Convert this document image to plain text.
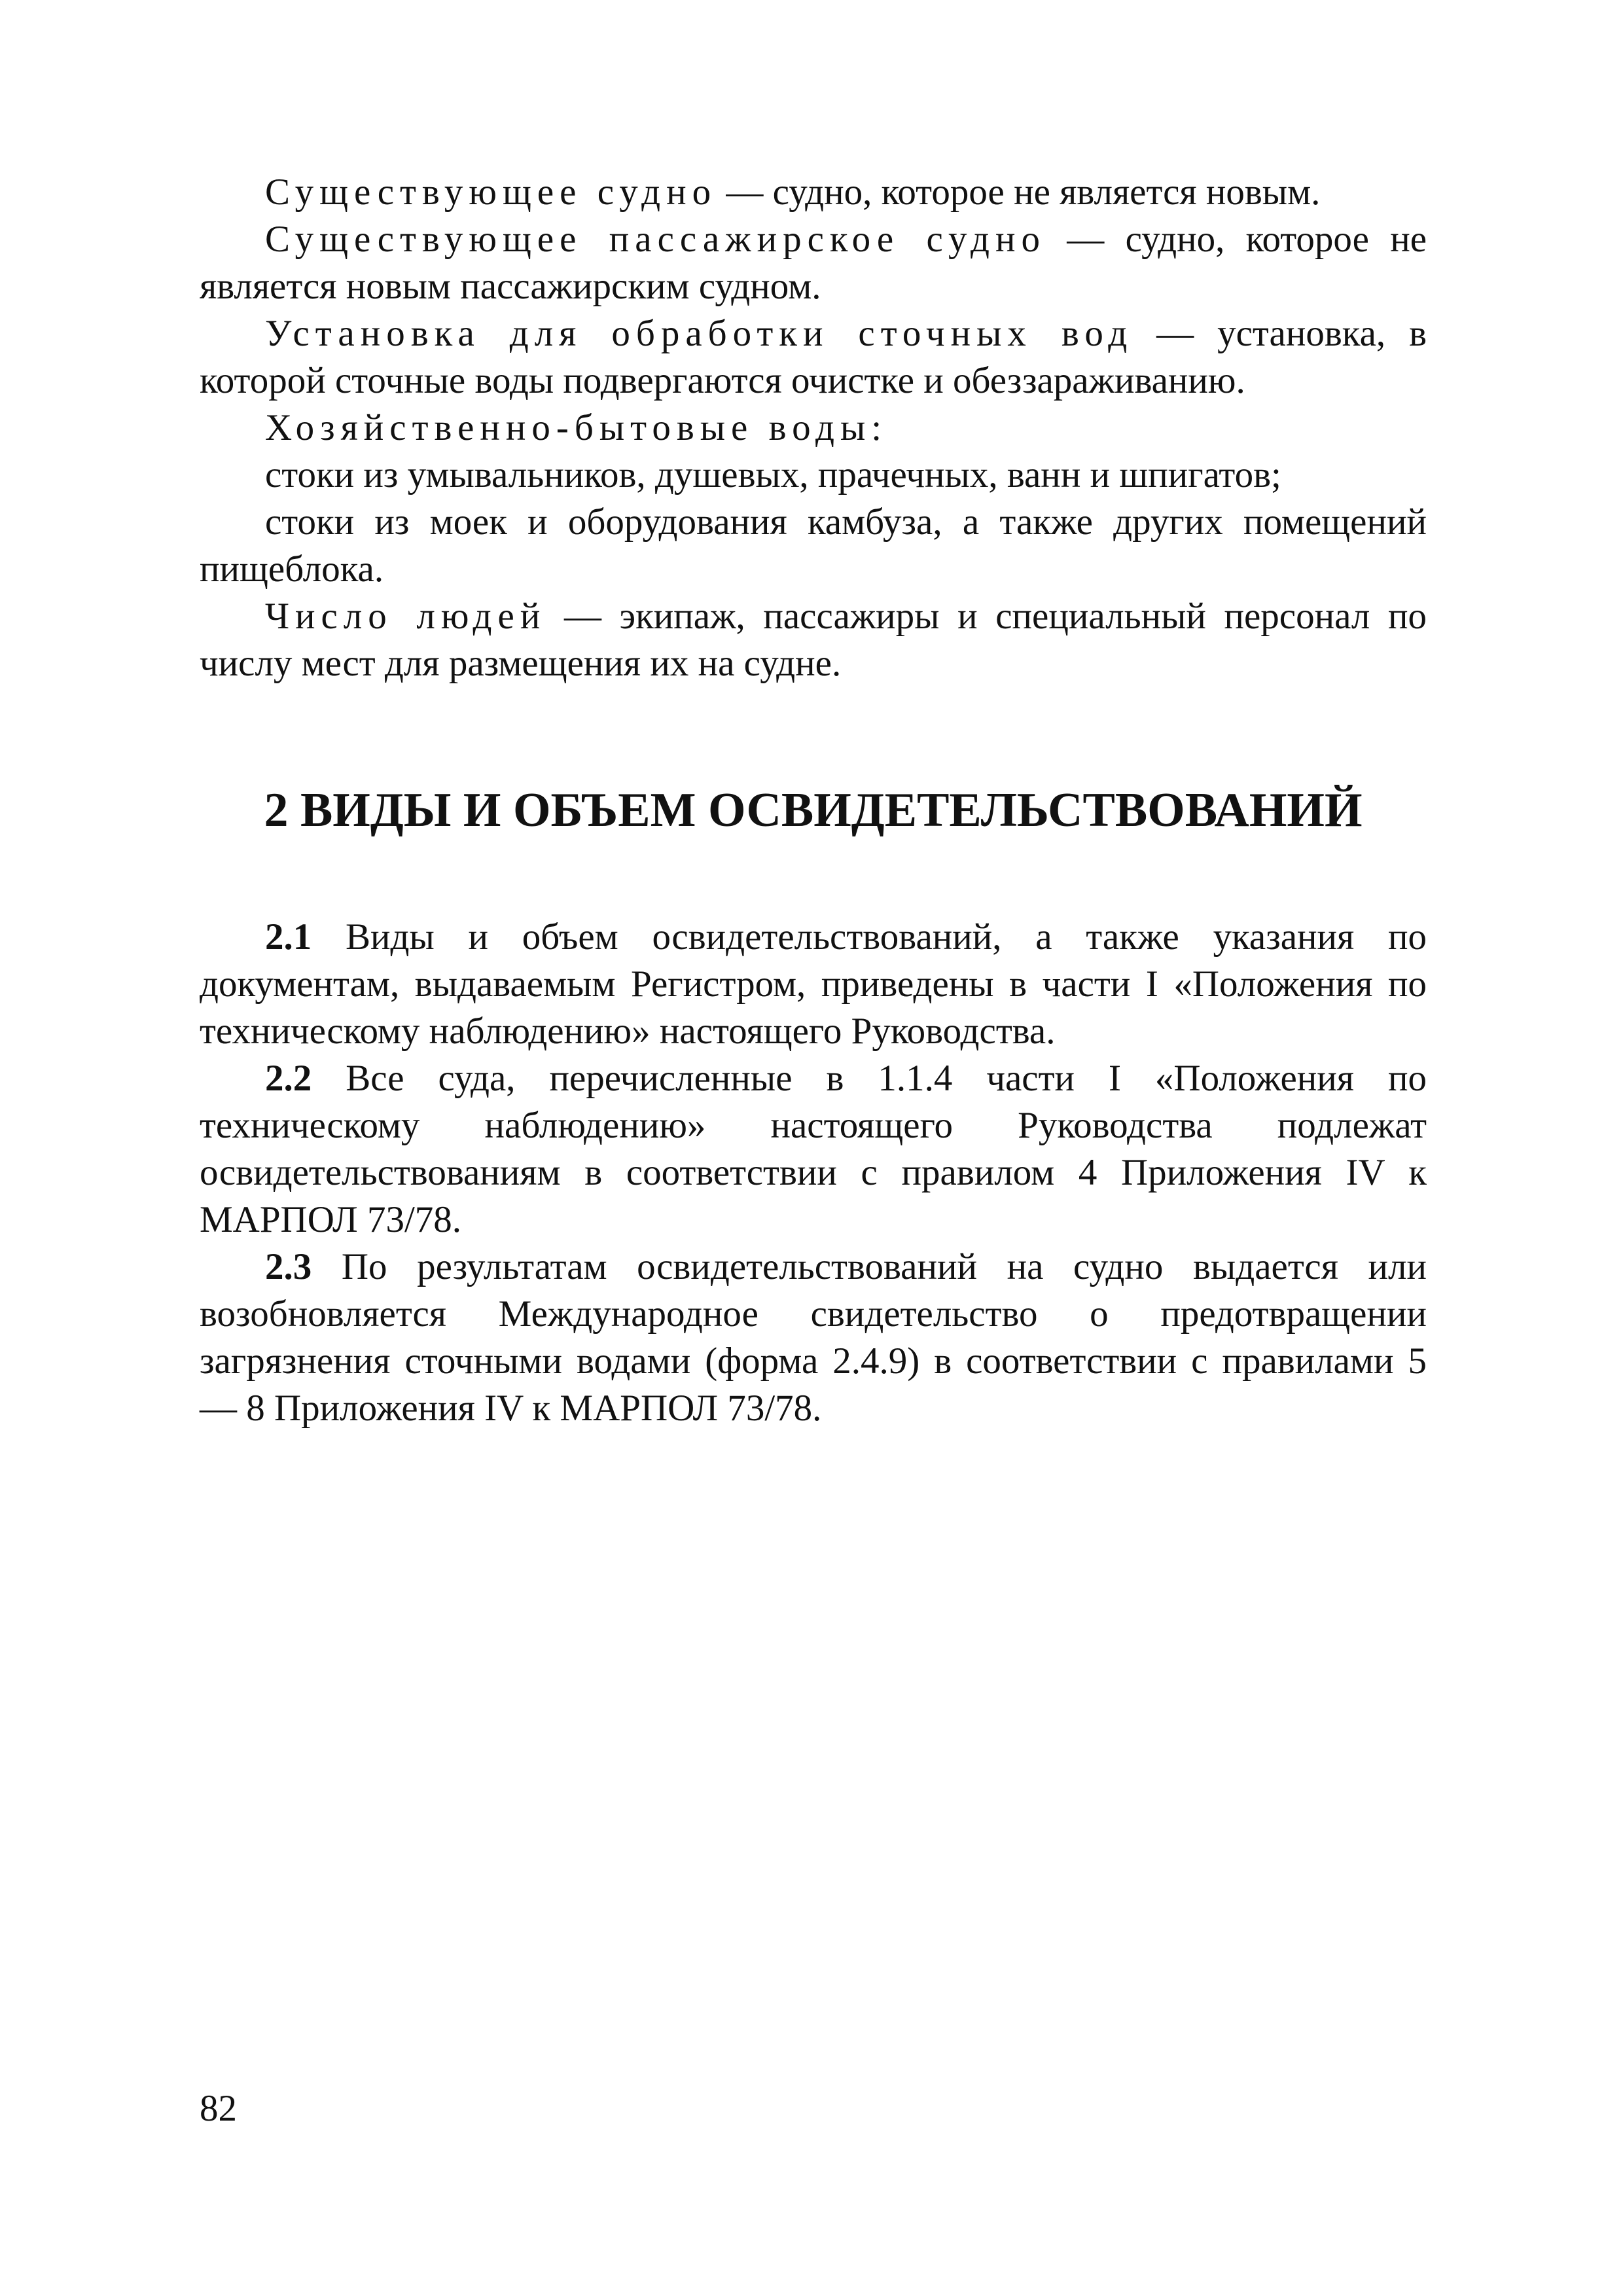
Существующее судно — судно, которое не является новым.

Существующее пассажирское судно — судно, которое не является новым пассажирским судном.

Установка для обработки сточных вод — установка, в которой сточные воды подвергаются очистке и обеззараживанию.

Хозяйственно-бытовые воды:

стоки из умывальников, душевых, прачечных, ванн и шпигатов;

стоки из моек и оборудования камбуза, а также других помещений пищеблока.

Число людей — экипаж, пассажиры и специальный персонал по числу мест для размещения их на судне.

2 ВИДЫ И ОБЪЕМ ОСВИДЕТЕЛЬСТВОВАНИЙ

2.1 Виды и объем освидетельствований, а также указания по документам, выдаваемым Регистром, приведены в части I «Положения по техническому наблюдению» настоящего Руководства.

2.2 Все суда, перечисленные в 1.1.4 части I «Положения по техническому наблюдению» настоящего Руководства подлежат освидетельствованиям в соответствии с правилом 4 Приложения IV к МАРПОЛ 73/78.

2.3 По результатам освидетельствований на судно выдается или возобновляется Международное свидетельство о предотвращении загрязнения сточными водами (форма 2.4.9) в соответствии с правилами 5 — 8 Приложения IV к МАРПОЛ 73/78.

82
